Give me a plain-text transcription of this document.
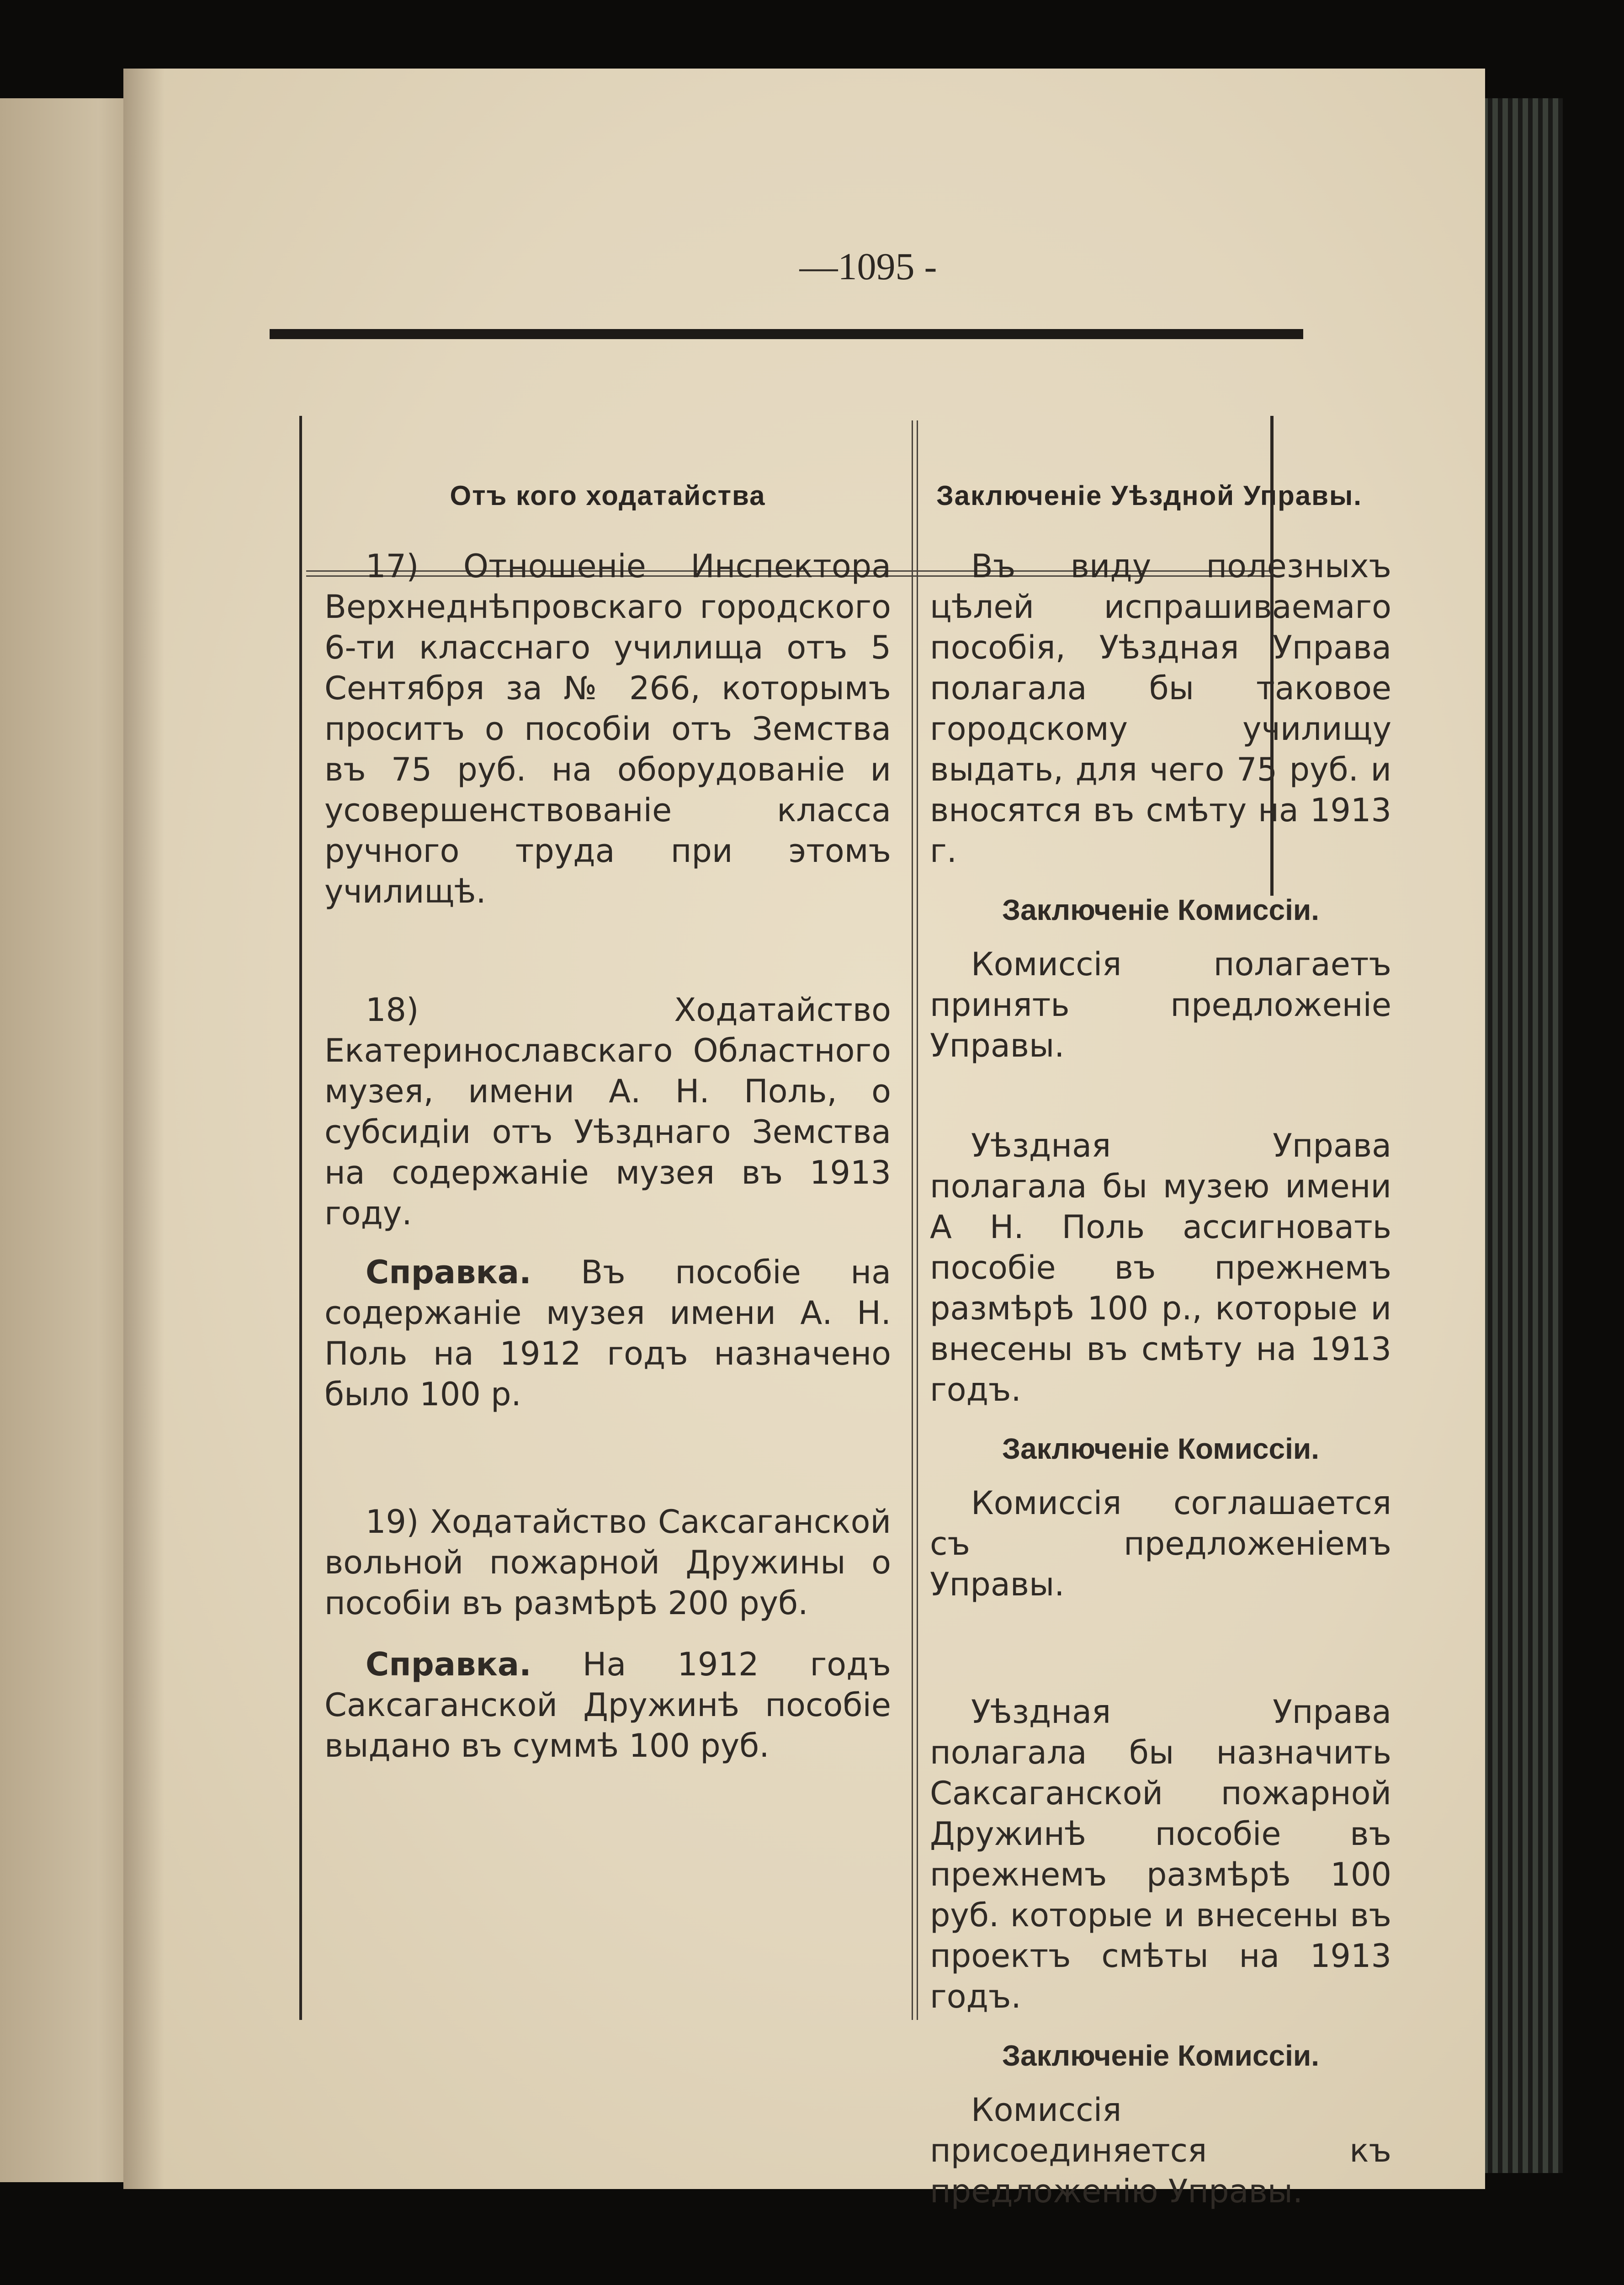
—1095 -
Отъ кого ходатайства	Заключеніе Уѣздной Управы.

17) Отношеніе Инспектора Верхнеднѣпровскаго городского 6-ти класснаго училища отъ 5 Сентября за № 266, которымъ проситъ о пособіи отъ Земства въ 75 руб. на оборудованіе и усовершенствованіе класса ручного труда при этомъ училищѣ.

18) Ходатайство Екатеринославскаго Областного музея, имени А. Н. Поль, о субсидіи отъ Уѣзднаго Земства на содержаніе музея въ 1913 году.

Справка. Въ пособіе на содержаніе музея имени А. Н. Поль на 1912 годъ назначено было 100 р.

19) Ходатайство Саксаганской вольной пожарной Дружины о пособіи въ размѣрѣ 200 руб.

Справка. На 1912 годъ Саксаганской Дружинѣ пособіе выдано въ суммѣ 100 руб.

Въ виду полезныхъ цѣлей испрашиваемаго пособія, Уѣздная Управа полагала бы таковое городскому училищу выдать, для чего 75 руб. и вносятся въ смѣту на 1913 г.

Заключеніе Комиссіи.

Комиссія полагаетъ принять предложеніе Управы.

Уѣздная Управа полагала бы музею имени А Н. Поль ассигновать пособіе въ прежнемъ размѣрѣ 100 р., которые и внесены въ смѣту на 1913 годъ.

Заключеніе Комиссіи.

Комиссія соглашается съ предложеніемъ Управы.

Уѣздная Управа полагала бы назначить Саксаганской пожарной Дружинѣ пособіе въ прежнемъ размѣрѣ 100 руб. которые и внесены въ проектъ смѣты на 1913 годъ.

Заключеніе Комиссіи.

Комиссія присоединяется къ предложенію Управы.
